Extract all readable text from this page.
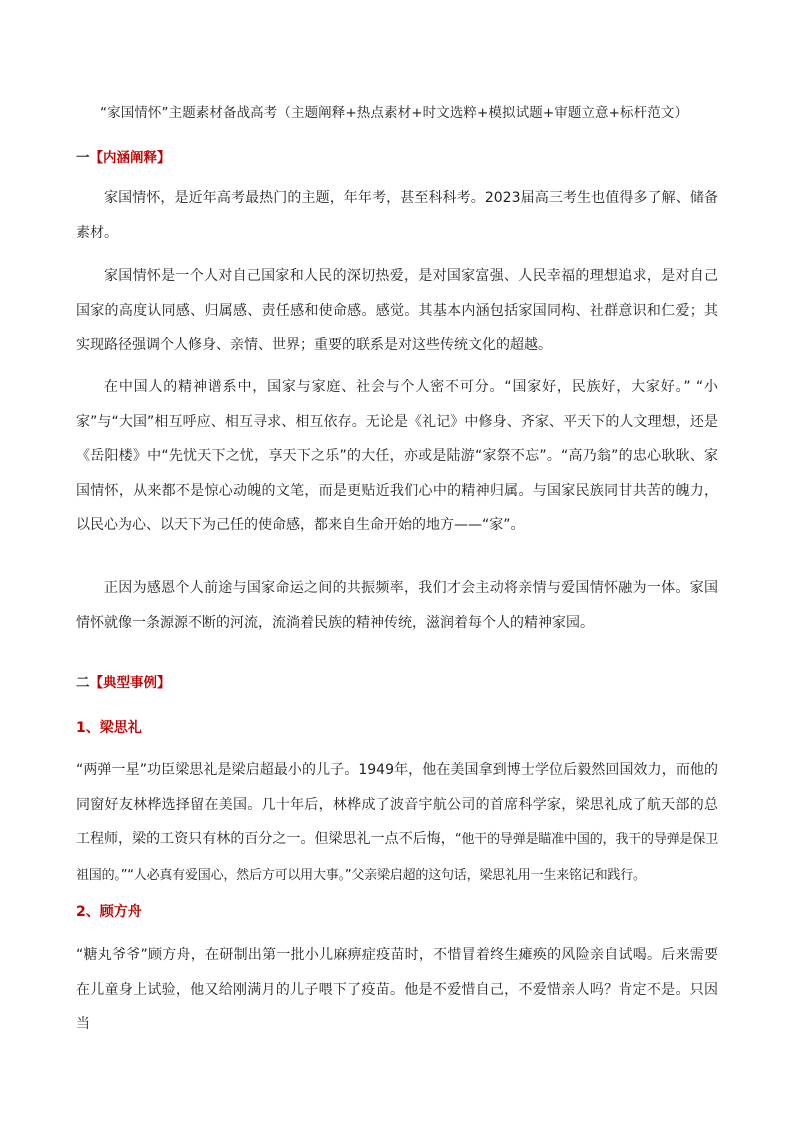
“家国情怀”主题素材备战高考（主题阐释+热点素材+时文选粹+模拟试题+审题立意+标杆范文）
一【内涵阐释】

家国情怀，是近年高考最热门的主题，年年考，甚至科科考。2023届高三考生也值得多了解、储备素材。

家国情怀是一个人对自己国家和人民的深切热爱，是对国家富强、人民幸福的理想追求，是对自己国家的高度认同感、归属感、责任感和使命感。感觉。其基本内涵包括家国同构、社群意识和仁爱；其实现路径强调个人修身、亲情、世界；重要的联系是对这些传统文化的超越。

在中国人的精神谱系中，国家与家庭、社会与个人密不可分。“国家好，民族好，大家好。” “小家”与“大国”相互呼应、相互寻求、相互依存。无论是《礼记》中修身、齐家、平天下的人文理想，还是《岳阳楼》中“先忧天下之忧，享天下之乐”的大任，亦或是陆游“家祭不忘”。“高乃翁”的忠心耿耿、家国情怀，从来都不是惊心动魄的文笔，而是更贴近我们心中的精神归属。与国家民族同甘共苦的魄力，以民心为心、以天下为己任的使命感，都来自生命开始的地方——“家”。

正因为感恩个人前途与国家命运之间的共振频率，我们才会主动将亲情与爱国情怀融为一体。家国情怀就像一条源源不断的河流，流淌着民族的精神传统，滋润着每个人的精神家园。

二【典型事例】
1、梁思礼

“两弹一星”功臣梁思礼是梁启超最小的儿子。1949年，他在美国拿到博士学位后毅然回国效力，而他的同窗好友林桦选择留在美国。几十年后，林桦成了波音宇航公司的首席科学家，梁思礼成了航天部的总工程师，梁的工资只有林的百分之一。但梁思礼一点不后悔，“他干的导弹是瞄准中国的，我干的导弹是保卫祖国的。”“人必真有爱国心，然后方可以用大事。”父亲梁启超的这句话，梁思礼用一生来铭记和践行。

2、顾方舟

“糖丸爷爷”顾方舟，在研制出第一批小儿麻痹症疫苗时，不惜冒着终生瘫痪的风险亲自试喝。后来需要在儿童身上试验，他又给刚满月的儿子喂下了疫苗。他是不爱惜自己，不爱惜亲人吗？肯定不是。只因当
